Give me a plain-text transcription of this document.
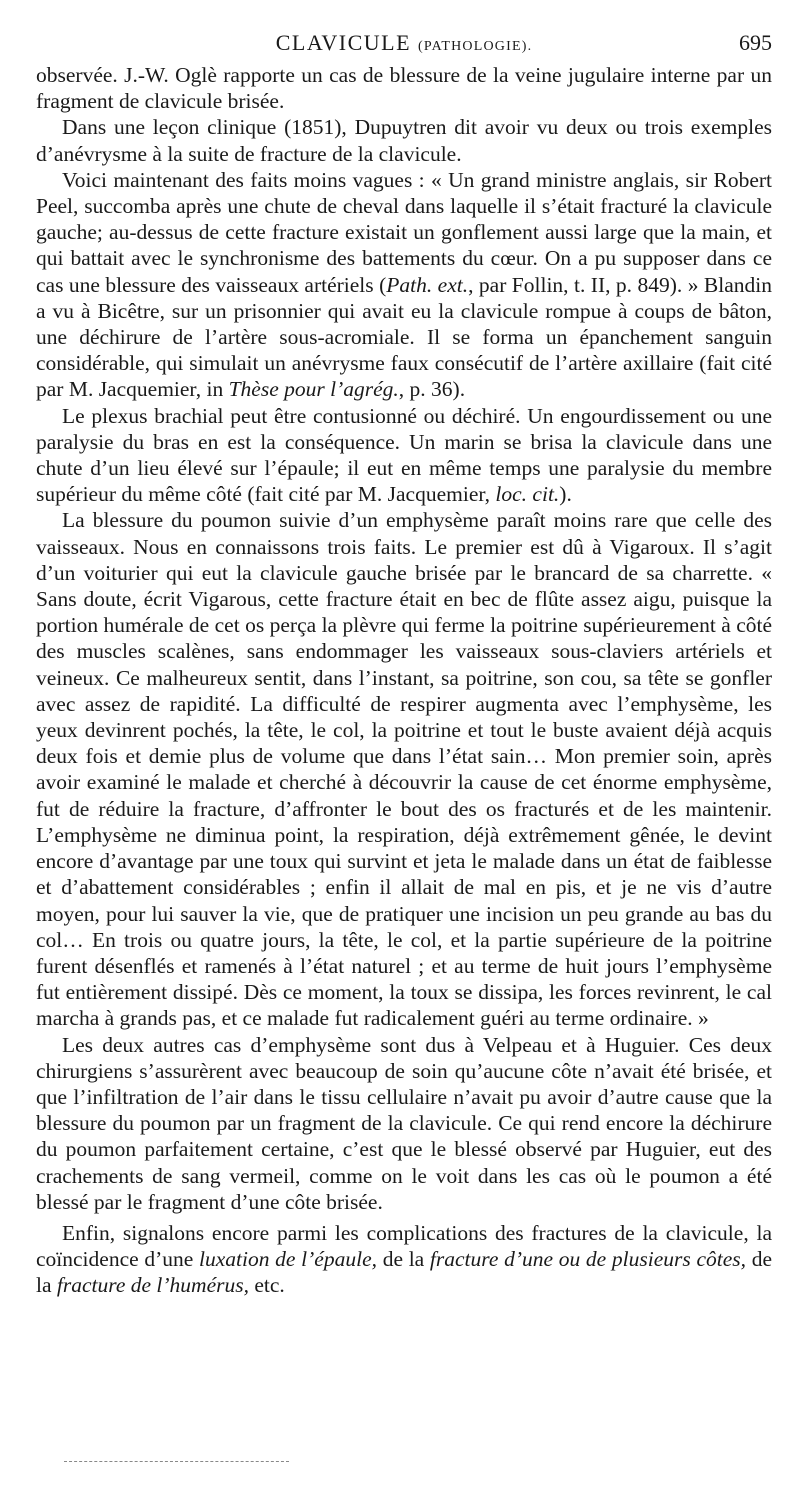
CLAVICULE (PATHOLOGIE).	695

observée. J.-W. Oglè rapporte un cas de blessure de la veine jugulaire interne par un fragment de clavicule brisée.

Dans une leçon clinique (1851), Dupuytren dit avoir vu deux ou trois exemples d’anévrysme à la suite de fracture de la clavicule.

Voici maintenant des faits moins vagues : « Un grand ministre anglais, sir Robert Peel, succomba après une chute de cheval dans laquelle il s’était fracturé la clavicule gauche; au-dessus de cette fracture existait un gonflement aussi large que la main, et qui battait avec le synchronisme des battements du cœur. On a pu supposer dans ce cas une blessure des vaisseaux artériels (Path. ext., par Follin, t. II, p. 849). » Blandin a vu à Bicêtre, sur un prisonnier qui avait eu la clavicule rompue à coups de bâton, une déchirure de l’artère sous-acromiale. Il se forma un épanchement sanguin considérable, qui simulait un anévrysme faux consécutif de l’artère axillaire (fait cité par M. Jacquemier, in Thèse pour l’agrég., p. 36).

Le plexus brachial peut être contusionné ou déchiré. Un engourdissement ou une paralysie du bras en est la conséquence. Un marin se brisa la clavicule dans une chute d’un lieu élevé sur l’épaule; il eut en même temps une paralysie du membre supérieur du même côté (fait cité par M. Jacquemier, loc. cit.).

La blessure du poumon suivie d’un emphysème paraît moins rare que celle des vaisseaux. Nous en connaissons trois faits. Le premier est dû à Vigaroux. Il s’agit d’un voiturier qui eut la clavicule gauche brisée par le brancard de sa charrette. « Sans doute, écrit Vigarous, cette fracture était en bec de flûte assez aigu, puisque la portion humérale de cet os perça la plèvre qui ferme la poitrine supérieurement à côté des muscles scalènes, sans endommager les vaisseaux sous-claviers artériels et veineux. Ce malheureux sentit, dans l’instant, sa poitrine, son cou, sa tête se gonfler avec assez de rapidité. La difficulté de respirer augmenta avec l’emphysème, les yeux devinrent pochés, la tête, le col, la poitrine et tout le buste avaient déjà acquis deux fois et demie plus de volume que dans l’état sain… Mon premier soin, après avoir examiné le malade et cherché à découvrir la cause de cet énorme emphysème, fut de réduire la fracture, d’affronter le bout des os fracturés et de les maintenir. L’emphysème ne diminua point, la respiration, déjà extrêmement gênée, le devint encore d’avantage par une toux qui survint et jeta le malade dans un état de faiblesse et d’abattement considérables ; enfin il allait de mal en pis, et je ne vis d’autre moyen, pour lui sauver la vie, que de pratiquer une incision un peu grande au bas du col… En trois ou quatre jours, la tête, le col, et la partie supérieure de la poitrine furent désenflés et ramenés à l’état naturel ; et au terme de huit jours l’emphysème fut entièrement dissipé. Dès ce moment, la toux se dissipa, les forces revinrent, le cal marcha à grands pas, et ce malade fut radicalement guéri au terme ordinaire. »

Les deux autres cas d’emphysème sont dus à Velpeau et à Huguier. Ces deux chirurgiens s’assurèrent avec beaucoup de soin qu’aucune côte n’avait été brisée, et que l’infiltration de l’air dans le tissu cellulaire n’avait pu avoir d’autre cause que la blessure du poumon par un fragment de la clavicule. Ce qui rend encore la déchirure du poumon parfaitement certaine, c’est que le blessé observé par Huguier, eut des crachements de sang vermeil, comme on le voit dans les cas où le poumon a été blessé par le fragment d’une côte brisée.

Enfin, signalons encore parmi les complications des fractures de la clavicule, la coïncidence d’une luxation de l’épaule, de la fracture d’une ou de plusieurs côtes, de la fracture de l’humérus, etc.
